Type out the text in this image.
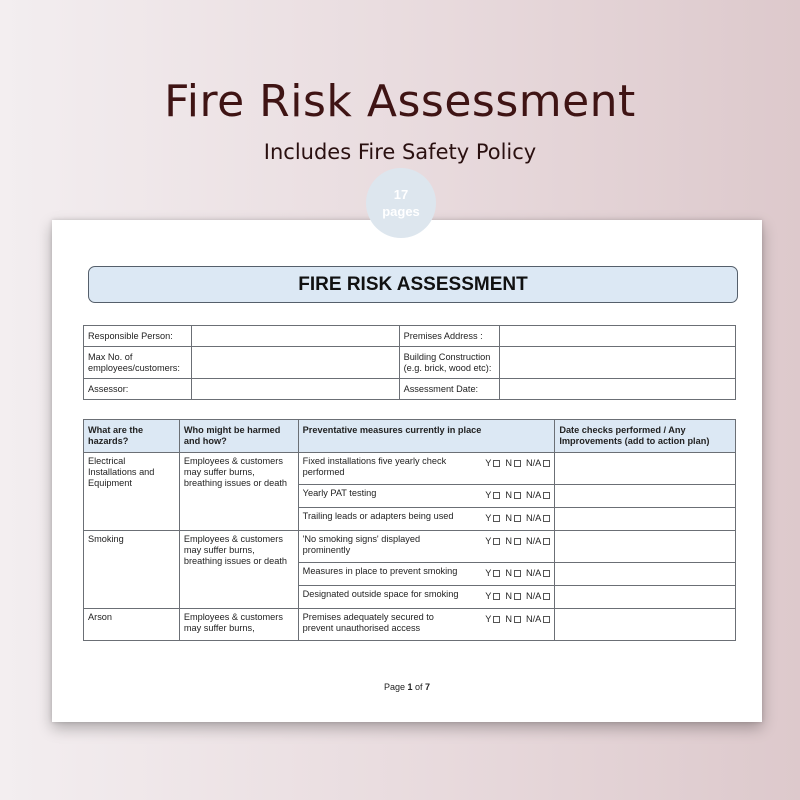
Fire Risk Assessment
Includes Fire Safety Policy
17
pages
FIRE RISK ASSESSMENT
Responsible Person:		Premises Address :	
Max No. of
employees/customers:		Building Construction
(e.g. brick, wood etc):	
Assessor:		Assessment Date:	
What are the
hazards?	Who might be harmed
and how?	Preventative measures currently in place	Date checks performed / Any
Improvements (add to action plan)
Electrical
Installations and
Equipment	Employees & customers
may suffer burns,
breathing issues or death	Fixed installations five yearly check
performed
Y N N/A	

		Yearly PAT testing Y N N/A	

		Trailing leads or adapters being used Y N N/A	

Smoking	Employees & customers
may suffer burns,
breathing issues or death	'No smoking signs' displayed
prominently
Y N N/A	

		Measures in place to prevent smoking Y N N/A	

		Designated outside space for smoking Y N N/A	

Arson	Employees & customers
may suffer burns,	Premises adequately secured to
prevent unauthorised access
Y N N/A	

Page 1 of 7
